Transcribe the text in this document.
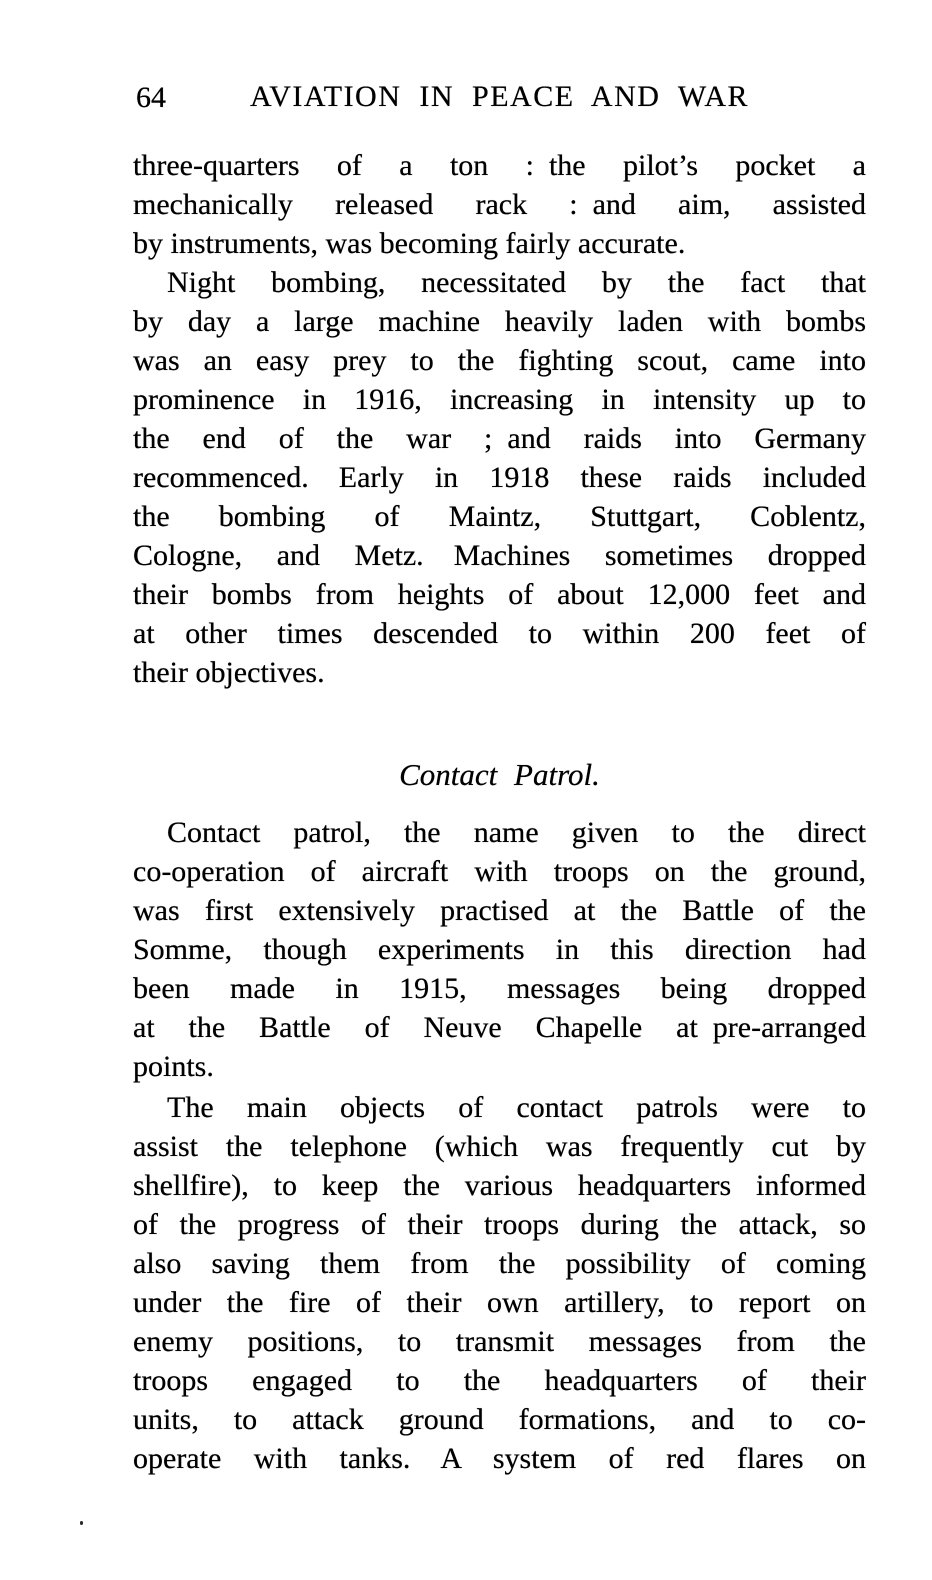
64	AVIATION IN PEACE AND WAR
three-quarters of a ton : the pilot’s pocket a
mechanically released rack : and aim, assisted
by instruments, was becoming fairly accurate.
Night bombing, necessitated by the fact that
by day a large machine heavily laden with bombs
was an easy prey to the fighting scout, came into
prominence in 1916, increasing in intensity up to
the end of the war ; and raids into Germany
recommenced. Early in 1918 these raids included
the bombing of Maintz, Stuttgart, Coblentz,
Cologne, and Metz. Machines sometimes dropped
their bombs from heights of about 12,000 feet and
at other times descended to within 200 feet of
their objectives.
Contact Patrol.
Contact patrol, the name given to the direct
co-operation of aircraft with troops on the ground,
was first extensively practised at the Battle of the
Somme, though experiments in this direction had
been made in 1915, messages being dropped
at the Battle of Neuve Chapelle at pre-arranged
points.
The main objects of contact patrols were to
assist the telephone (which was frequently cut by
shellfire), to keep the various headquarters informed
of the progress of their troops during the attack, so
also saving them from the possibility of coming
under the fire of their own artillery, to report on
enemy positions, to transmit messages from the
troops engaged to the headquarters of their
units, to attack ground formations, and to co-
operate with tanks. A system of red flares on
